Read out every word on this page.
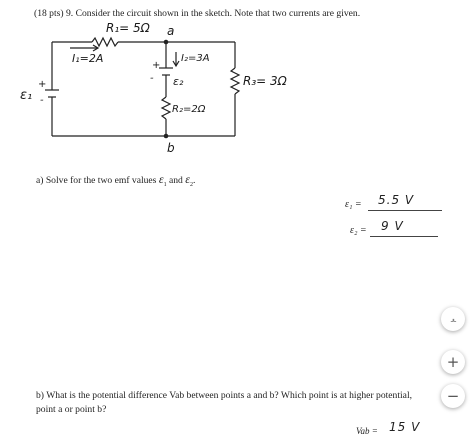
(18 pts) 9. Consider the circuit shown in the sketch. Note that two currents are given.
R₁= 5Ω a
I₁=2A	I₂=3A
R₃= 3Ω
ε₁
ε₂
R₂=2Ω
b
+
-
+
-
a) Solve for the two emf values $\varepsilon_1$ and $\varepsilon_2$.
ε₁ = 5.5 V
ε₂ = 9 V
⌟⌞
+
−
b) What is the potential difference Vab between points a and b? Which point is at higher potential,
point a or point b?
Vab = 15 V
